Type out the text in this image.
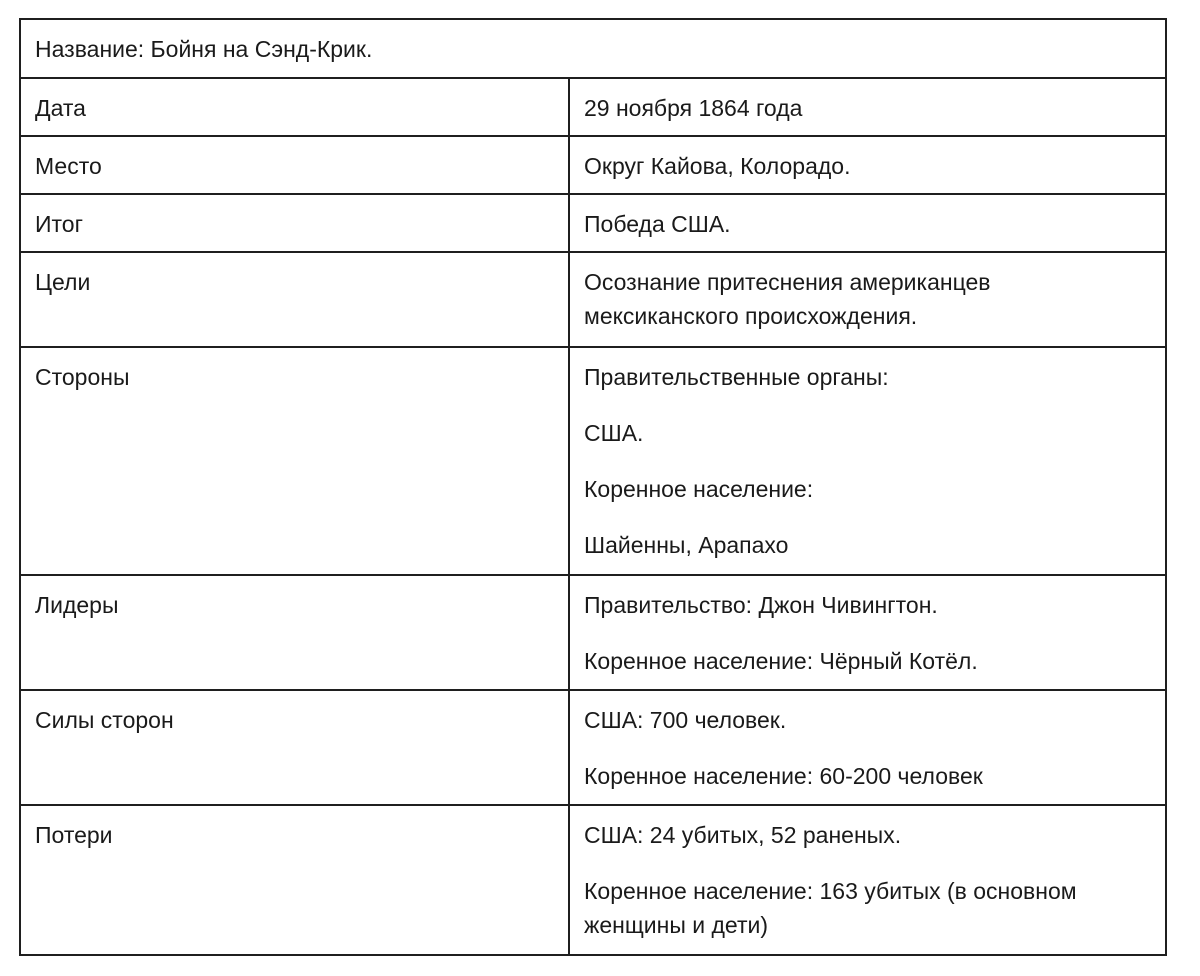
Название: Бойня на Сэнд-Крик.	
Дата	29 ноября 1864 года

Место	Округ Кайова, Колорадо.

Итог	Победа США.

Цели	Осознание притеснения американцев мексиканского происхождения.

Стороны	Правительственные органы:

США.

Коренное население:

Шайенны, Арапахо

Лидеры	Правительство: Джон Чивингтон.

Коренное население: Чёрный Котёл.

Силы сторон	США: 700 человек.

Коренное население: 60-200 человек

Потери	США: 24 убитых, 52 раненых.

Коренное население: 163 убитых (в основном женщины и дети)
